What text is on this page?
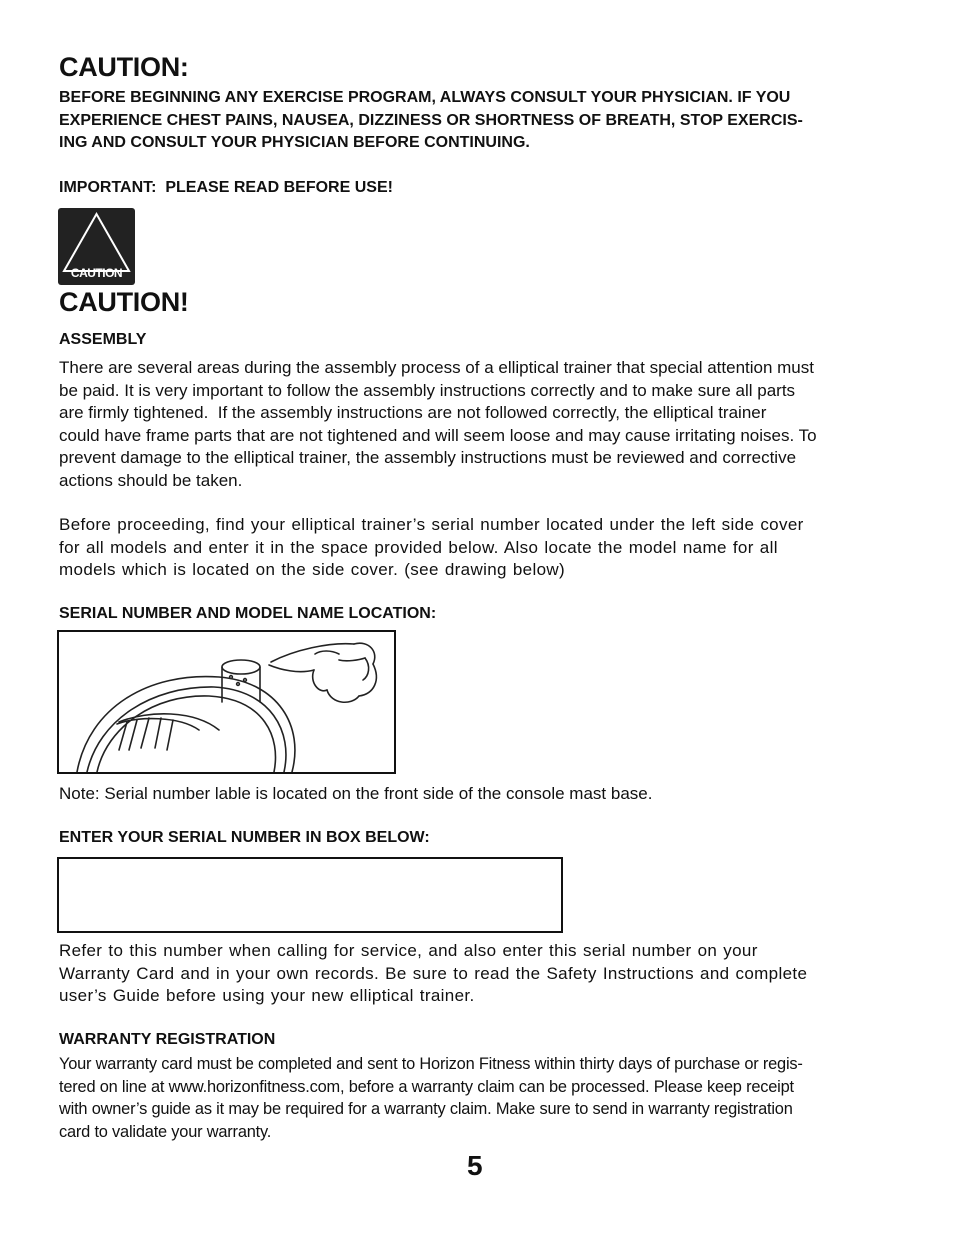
CAUTION:
BEFORE BEGINNING ANY EXERCISE PROGRAM, ALWAYS CONSULT YOUR PHYSICIAN. IF YOU
EXPERIENCE CHEST PAINS, NAUSEA, DIZZINESS OR SHORTNESS OF BREATH, STOP EXERCIS-
ING AND CONSULT YOUR PHYSICIAN BEFORE CONTINUING.
IMPORTANT:  PLEASE READ BEFORE USE!
CAUTION
CAUTION!
ASSEMBLY
There are several areas during the assembly process of a elliptical trainer that special attention must
be paid. It is very important to follow the assembly instructions correctly and to make sure all parts
are firmly tightened.  If the assembly instructions are not followed correctly, the elliptical trainer
could have frame parts that are not tightened and will seem loose and may cause irritating noises. To
prevent damage to the elliptical trainer, the assembly instructions must be reviewed and corrective
actions should be taken.
Before proceeding, find your elliptical trainer’s serial number located under the left side cover
for all models and enter it in the space provided below. Also locate the model name for all
models which is located on the side cover. (see drawing below)
SERIAL NUMBER AND MODEL NAME LOCATION:
Note: Serial number lable is located on the front side of the console mast base.
ENTER YOUR SERIAL NUMBER IN BOX BELOW:
Refer to this number when calling for service, and also enter this serial number on your
Warranty Card and in your own records. Be sure to read the Safety Instructions and complete
user’s Guide before using your new elliptical trainer.
WARRANTY REGISTRATION
Your warranty card must be completed and sent to Horizon Fitness within thirty days of purchase or regis-
tered on line at www.horizonfitness.com, before a warranty claim can be processed. Please keep receipt
with owner’s guide as it may be required for a warranty claim. Make sure to send in warranty registration
card to validate your warranty.
5
